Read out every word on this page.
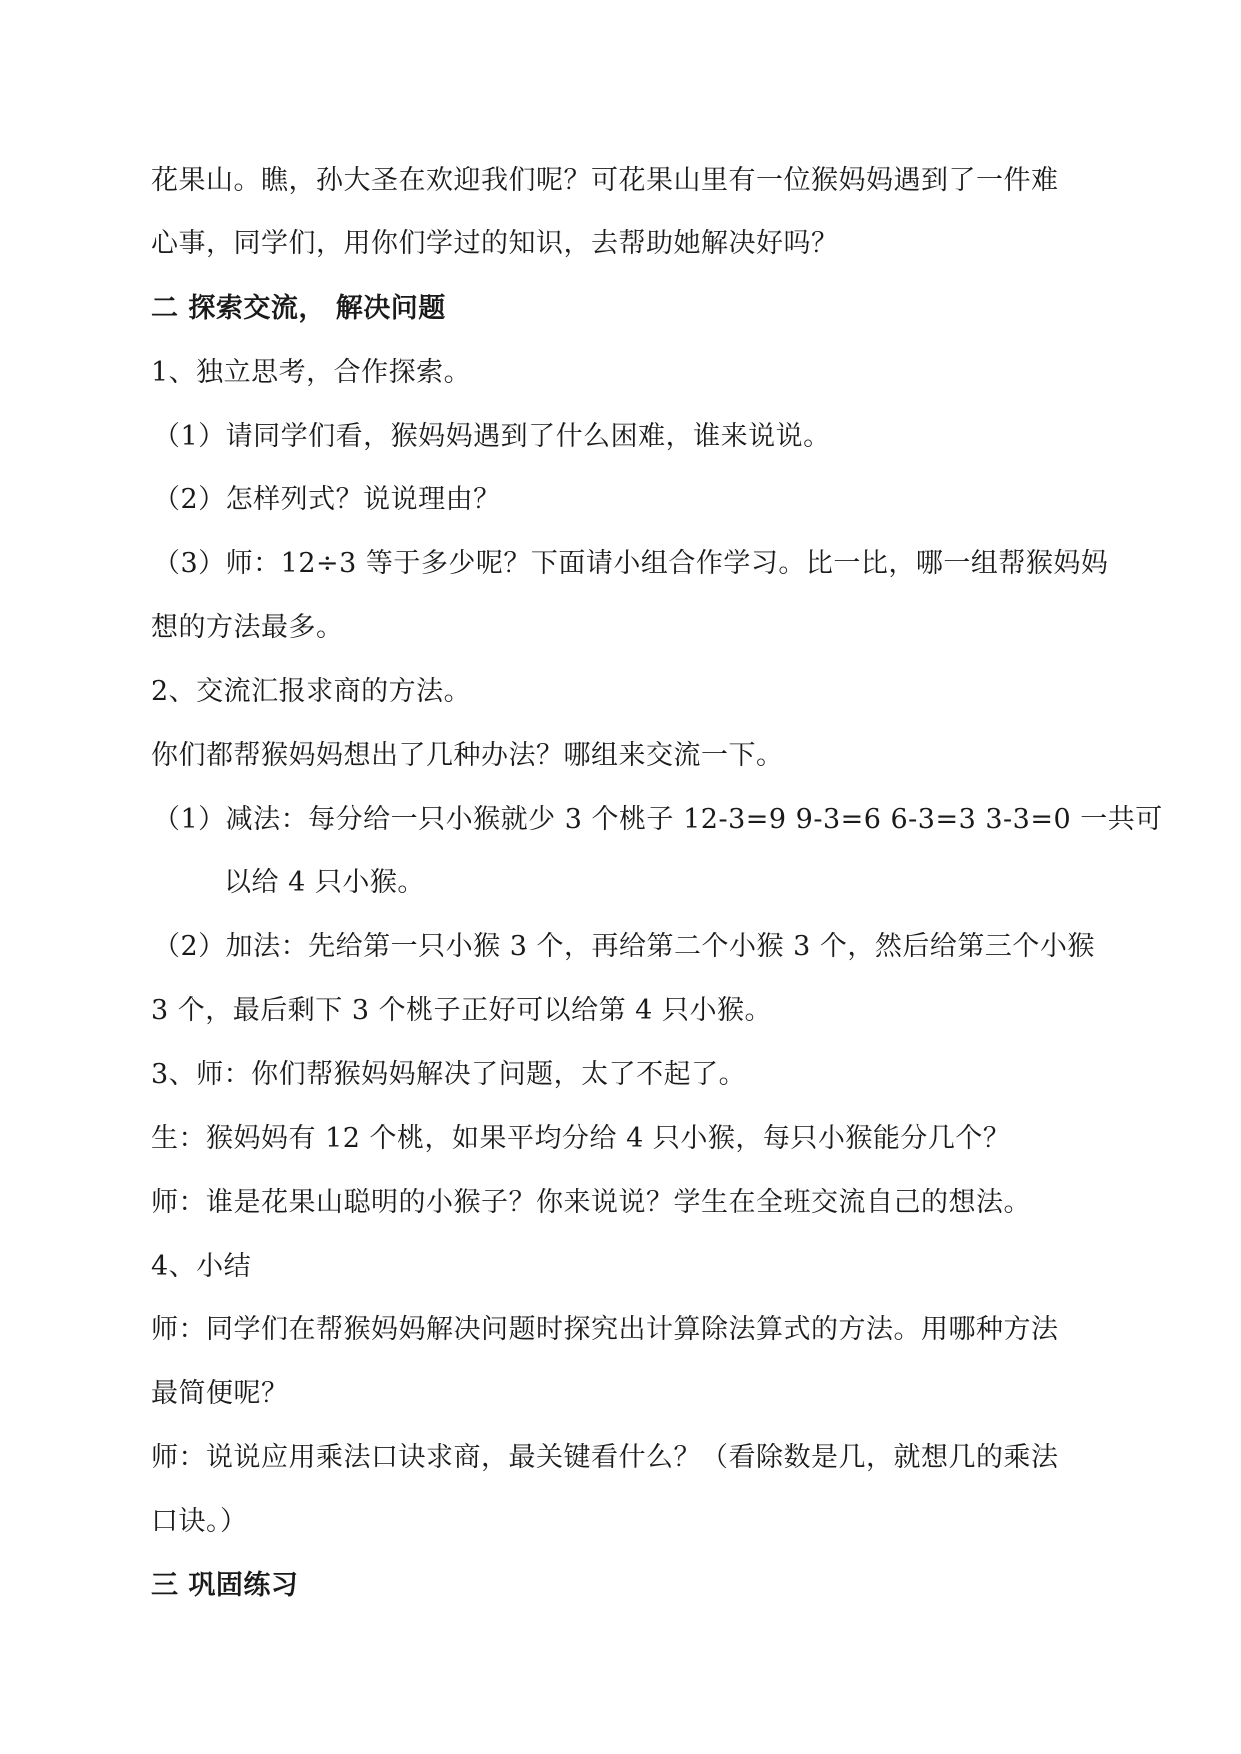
花果山。瞧，孙大圣在欢迎我们呢？可花果山里有一位猴妈妈遇到了一件难
心事，同学们，用你们学过的知识，去帮助她解决好吗？
二 探索交流， 解决问题
1、独立思考，合作探索。
（1）请同学们看，猴妈妈遇到了什么困难，谁来说说。
（2）怎样列式？说说理由？
（3）师：12÷3 等于多少呢？下面请小组合作学习。比一比，哪一组帮猴妈妈
想的方法最多。
2、交流汇报求商的方法。
你们都帮猴妈妈想出了几种办法？哪组来交流一下。
（1）减法：每分给一只小猴就少 3 个桃子 12-3=9 9-3=6 6-3=3 3-3=0 一共可
以给 4 只小猴。
（2）加法：先给第一只小猴 3 个，再给第二个小猴 3 个，然后给第三个小猴
3 个，最后剩下 3 个桃子正好可以给第 4 只小猴。
3、师：你们帮猴妈妈解决了问题，太了不起了。
生：猴妈妈有 12 个桃，如果平均分给 4 只小猴，每只小猴能分几个？
师：谁是花果山聪明的小猴子？你来说说？学生在全班交流自己的想法。
4、小结
师：同学们在帮猴妈妈解决问题时探究出计算除法算式的方法。用哪种方法
最简便呢？
师：说说应用乘法口诀求商，最关键看什么？（看除数是几，就想几的乘法
口诀。）
三 巩固练习
